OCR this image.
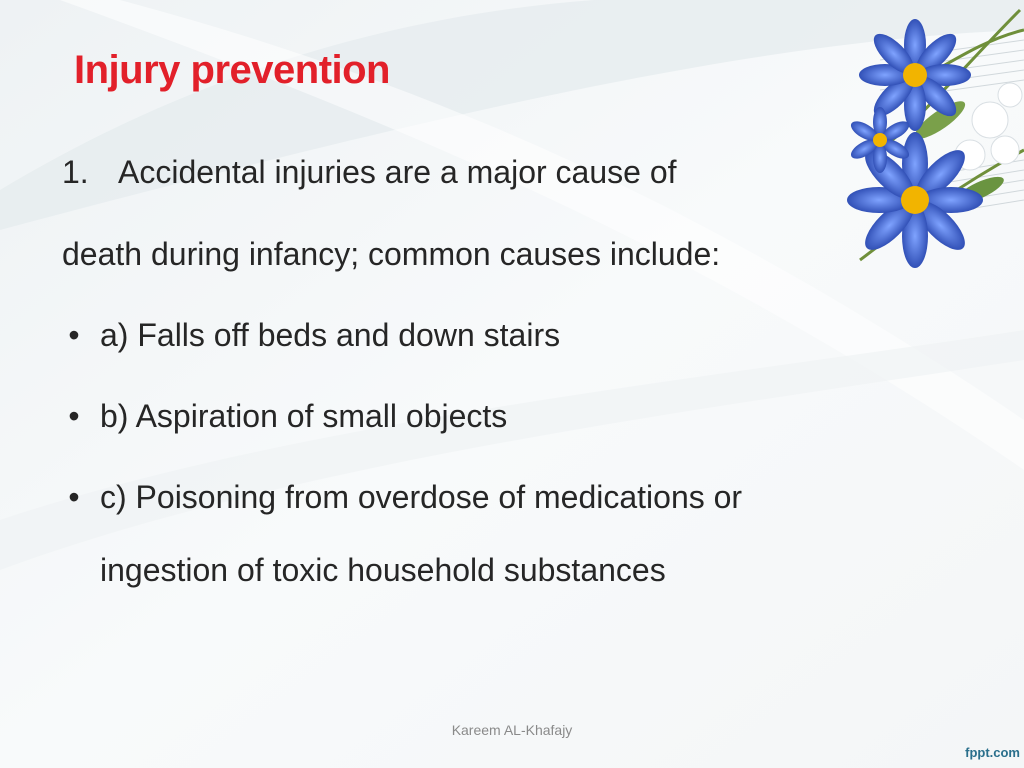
Injury prevention
1. Accidental injuries are a major cause of
death during infancy; common causes include:
• a) Falls off beds and down stairs
• b) Aspiration of small objects
• c) Poisoning from overdose of medications or
ingestion of toxic household substances
Kareem AL-Khafajy
fppt.com
